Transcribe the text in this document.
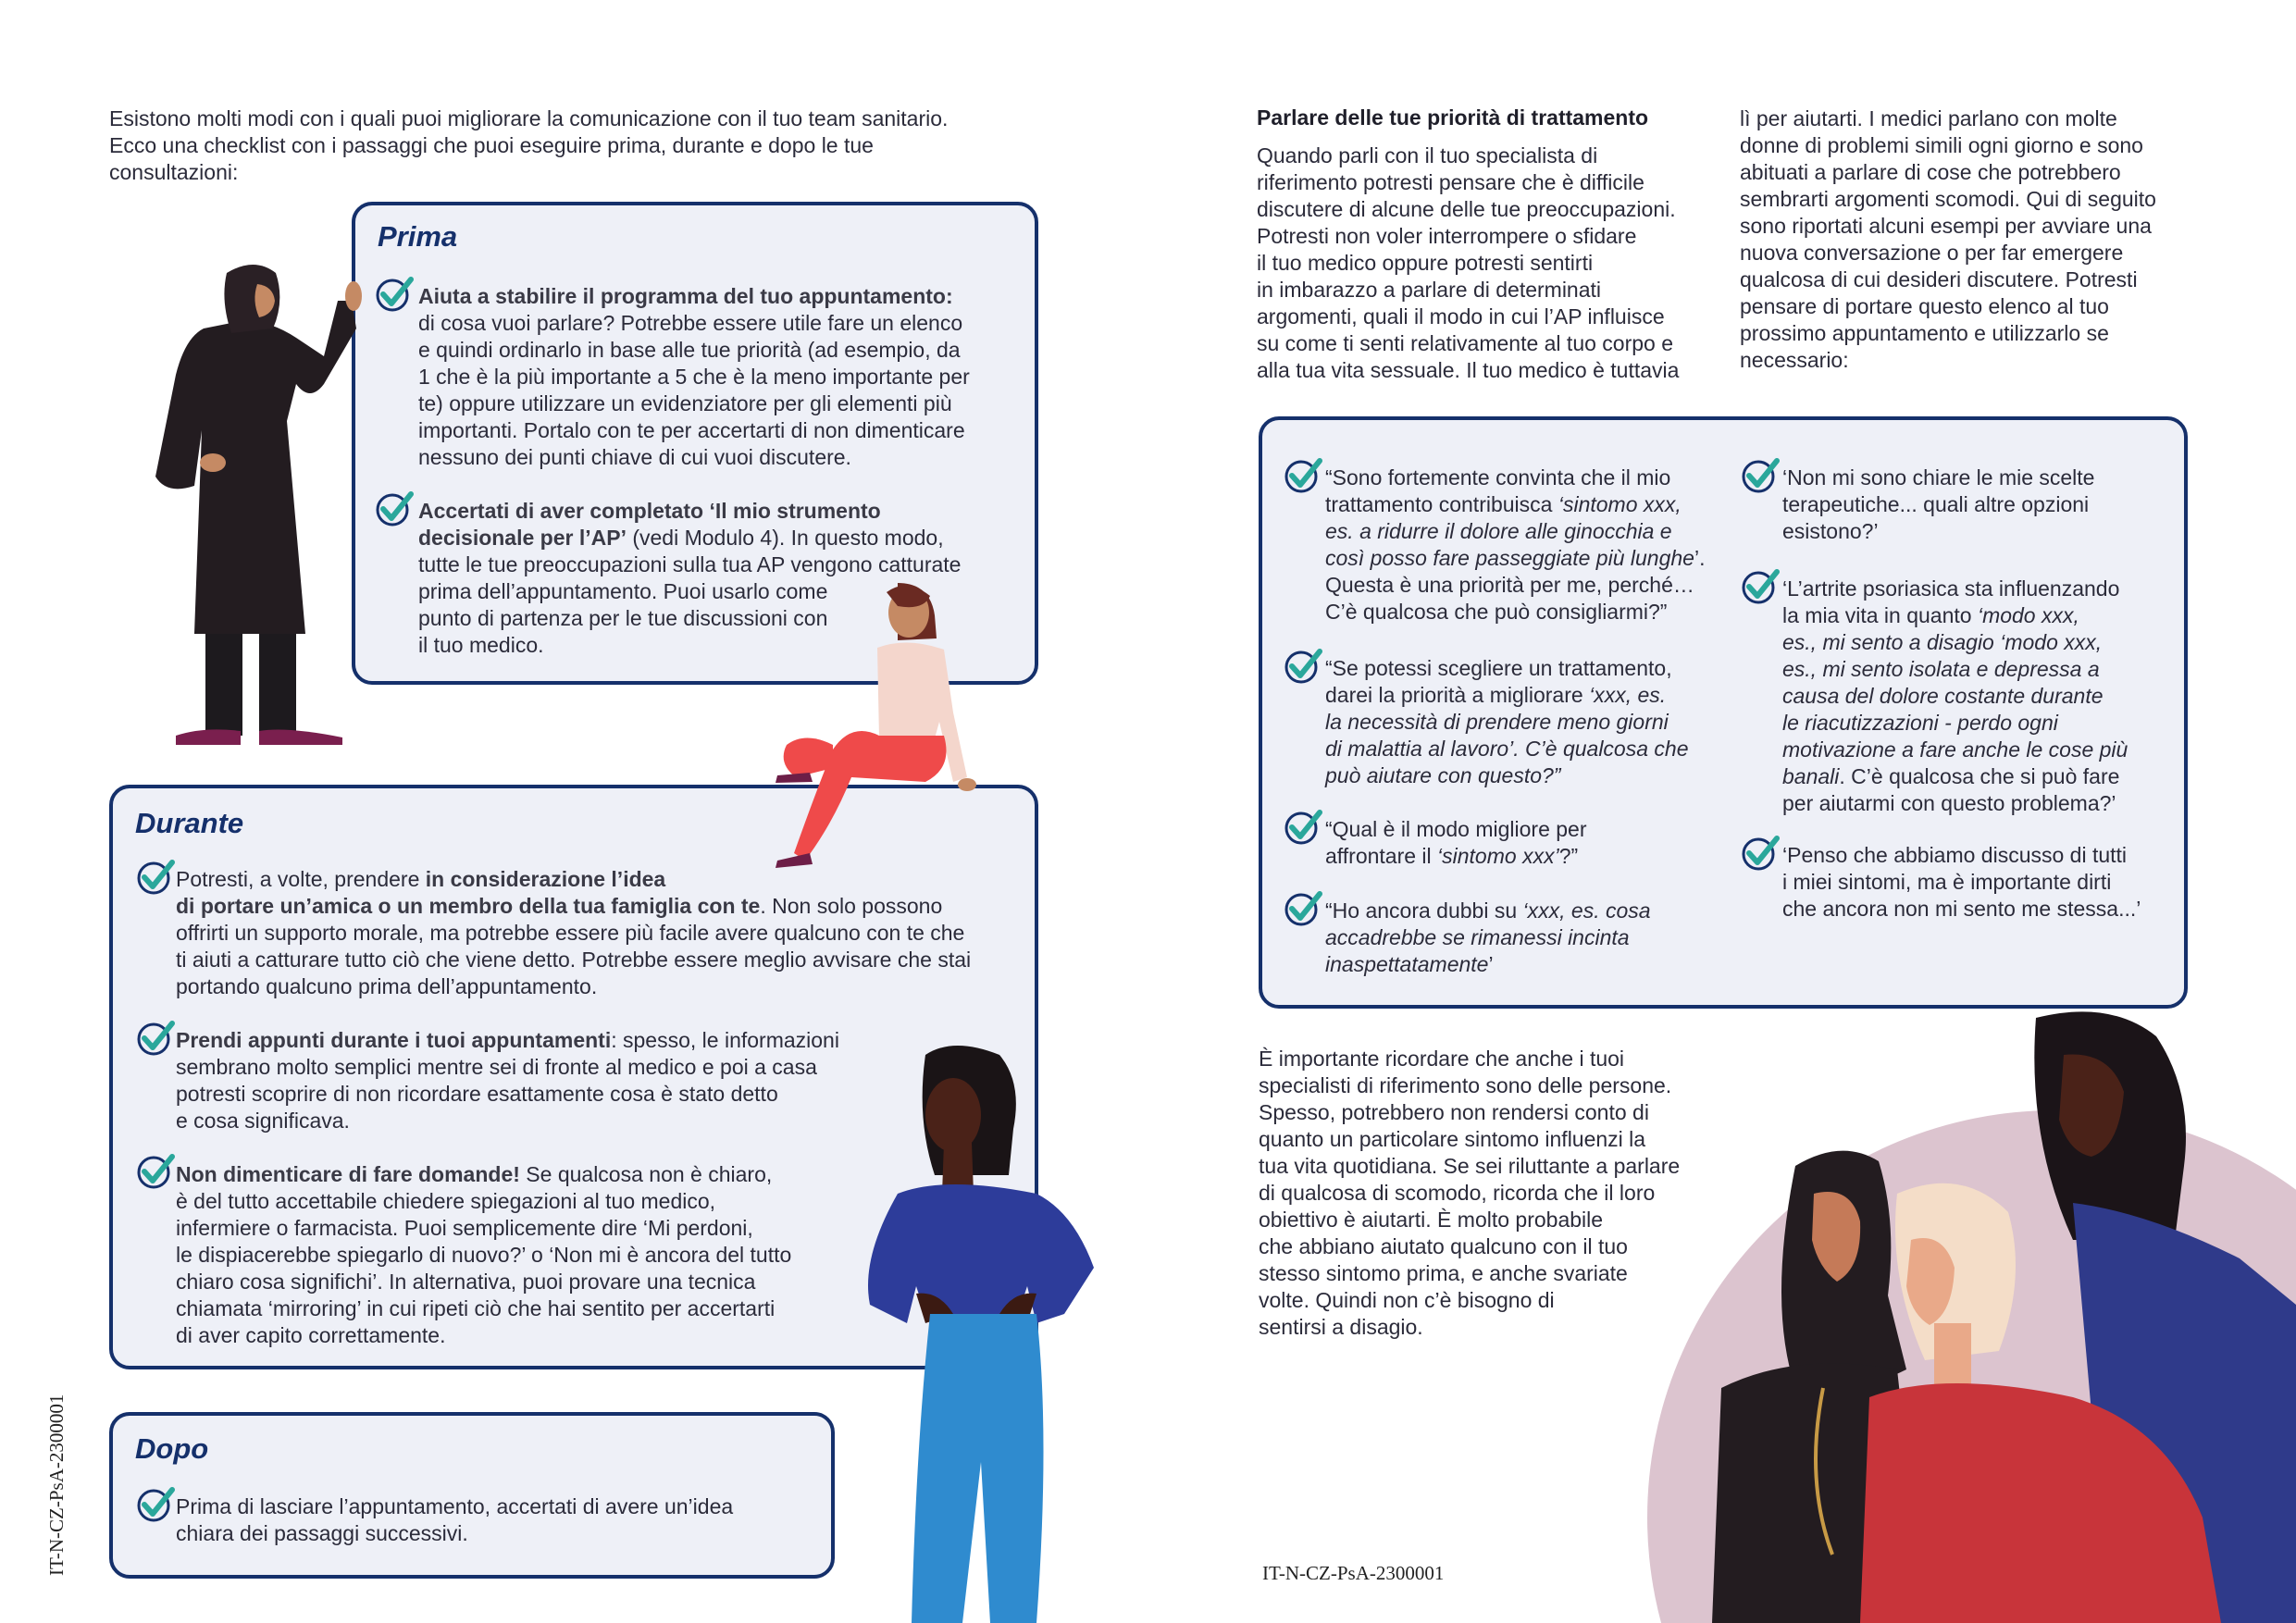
Esistono molti modi con i quali puoi migliorare la comunicazione con il tuo team sanitario.
Ecco una checklist con i passaggi che puoi eseguire prima, durante e dopo le tue
consultazioni:
Prima

Aiuta a stabilire il programma del tuo appuntamento:

di cosa vuoi parlare? Potrebbe essere utile fare un elenco

e quindi ordinarlo in base alle tue priorità (ad esempio, da

1 che è la più importante a 5 che è la meno importante per

te) oppure utilizzare un evidenziatore per gli elementi più

importanti. Portalo con te per accertarti di non dimenticare

nessuno dei punti chiave di cui vuoi discutere.

Accertati di aver completato ‘Il mio strumento

decisionale per l’AP’ (vedi Modulo 4). In questo modo,

tutte le tue preoccupazioni sulla tua AP vengono catturate

prima dell’appuntamento. Puoi usarlo come

punto di partenza per le tue discussioni con

il tuo medico.

Durante

Potresti, a volte, prendere in considerazione l’idea

di portare un’amica o un membro della tua famiglia con te. Non solo possono

offrirti un supporto morale, ma potrebbe essere più facile avere qualcuno con te che

ti aiuti a catturare tutto ciò che viene detto. Potrebbe essere meglio avvisare che stai

portando qualcuno prima dell’appuntamento.

Prendi appunti durante i tuoi appuntamenti: spesso, le informazioni

sembrano molto semplici mentre sei di fronte al medico e poi a casa

potresti scoprire di non ricordare esattamente cosa è stato detto

e cosa significava.

Non dimenticare di fare domande! Se qualcosa non è chiaro,

è del tutto accettabile chiedere spiegazioni al tuo medico,

infermiere o farmacista. Puoi semplicemente dire ‘Mi perdoni,

le dispiacerebbe spiegarlo di nuovo?’ o ‘Non mi è ancora del tutto

chiaro cosa significhi’. In alternativa, puoi provare una tecnica

chiamata ‘mirroring’ in cui ripeti ciò che hai sentito per accertarti

di aver capito correttamente.

Dopo

Prima di lasciare l’appuntamento, accertati di avere un’idea

chiara dei passaggi successivi.

IT-N-CZ-PsA-2300001
Parlare delle tue priorità di trattamento
Quando parli con il tuo specialista di
riferimento potresti pensare che è difficile
discutere di alcune delle tue preoccupazioni.
Potresti non voler interrompere o sfidare
il tuo medico oppure potresti sentirti
in imbarazzo a parlare di determinati
argomenti, quali il modo in cui l’AP influisce
su come ti senti relativamente al tuo corpo e
alla tua vita sessuale. Il tuo medico è tuttavia
lì per aiutarti. I medici parlano con molte
donne di problemi simili ogni giorno e sono
abituati a parlare di cose che potrebbero
sembrarti argomenti scomodi. Qui di seguito
sono riportati alcuni esempi per avviare una
nuova conversazione o per far emergere
qualcosa di cui desideri discutere. Potresti
pensare di portare questo elenco al tuo
prossimo appuntamento e utilizzarlo se
necessario:

“Sono fortemente convinta che il mio

trattamento contribuisca ‘sintomo xxx,

es. a ridurre il dolore alle ginocchia e

così posso fare passeggiate più lunghe’.

Questa è una priorità per me, perché…

C’è qualcosa che può consigliarmi?”

“Se potessi scegliere un trattamento,

darei la priorità a migliorare ‘xxx, es.

la necessità di prendere meno giorni

di malattia al lavoro’. C’è qualcosa che

può aiutare con questo?”

“Qual è il modo migliore per

affrontare il ‘sintomo xxx’?”

“Ho ancora dubbi su ‘xxx, es. cosa

accadrebbe se rimanessi incinta

inaspettatamente’

‘Non mi sono chiare le mie scelte

terapeutiche... quali altre opzioni

esistono?’

‘L’artrite psoriasica sta influenzando

la mia vita in quanto ‘modo xxx,

es., mi sento a disagio ‘modo xxx,

es., mi sento isolata e depressa a

causa del dolore costante durante

le riacutizzazioni - perdo ogni

motivazione a fare anche le cose più

banali. C’è qualcosa che si può fare

per aiutarmi con questo problema?’

‘Penso che abbiamo discusso di tutti

i miei sintomi, ma è importante dirti

che ancora non mi sento me stessa...’

È importante ricordare che anche i tuoi
specialisti di riferimento sono delle persone.
Spesso, potrebbero non rendersi conto di
quanto un particolare sintomo influenzi la
tua vita quotidiana. Se sei riluttante a parlare
di qualcosa di scomodo, ricorda che il loro
obiettivo è aiutarti. È molto probabile
che abbiano aiutato qualcuno con il tuo
stesso sintomo prima, e anche svariate
volte. Quindi non c’è bisogno di
sentirsi a disagio.
IT-N-CZ-PsA-2300001
